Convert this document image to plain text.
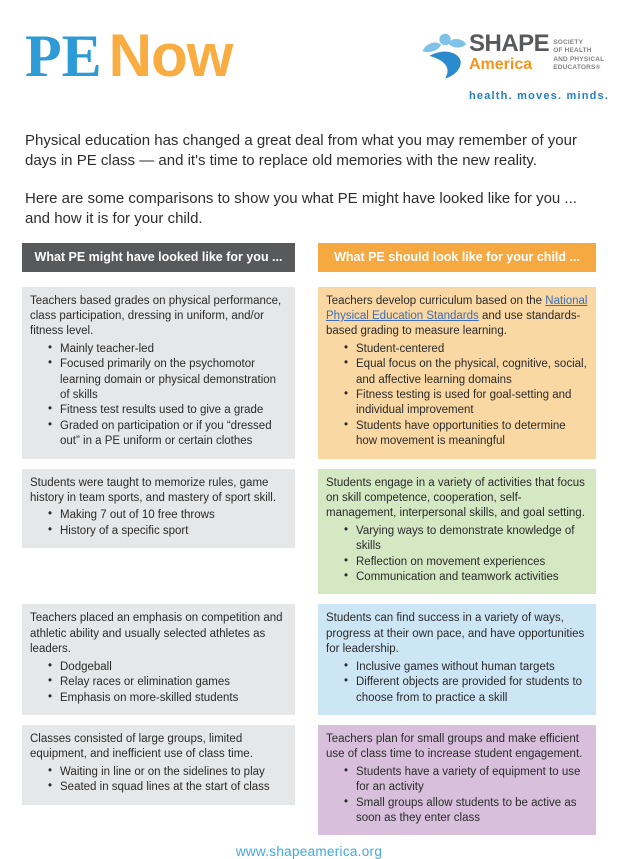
PE Now	SHAPE
America
SOCIETY
OF HEALTH
AND PHYSICAL
EDUCATORS®
health. moves. minds.

Physical education has changed a great deal from what you may remember of your days in PE class — and it's time to replace old memories with the new reality.

Here are some comparisons to show you what PE might have looked like for you ... and how it is for your child.

What PE might have looked like for you ...	What PE should look like for your child ...

Teachers based grades on physical performance, class participation, dressing in uniform, and/or fitness level.

• Mainly teacher-led
• Focused primarily on the psychomotor learning domain or physical demonstration of skills
• Fitness test results used to give a grade
• Graded on participation or if you “dressed out” in a PE uniform or certain clothes

Teachers develop curriculum based on the National Physical Education Standards and use standards-based grading to measure learning.

• Student-centered
• Equal focus on the physical, cognitive, social, and affective learning domains
• Fitness testing is used for goal-setting and individual improvement
• Students have opportunities to determine how movement is meaningful

Students were taught to memorize rules, game history in team sports, and mastery of sport skill.

• Making 7 out of 10 free throws
• History of a specific sport

Students engage in a variety of activities that focus on skill competence, cooperation, self-management, interpersonal skills, and goal setting.

• Varying ways to demonstrate knowledge of skills
• Reflection on movement experiences
• Communication and teamwork activities

Teachers placed an emphasis on competition and athletic ability and usually selected athletes as leaders.

• Dodgeball
• Relay races or elimination games
• Emphasis on more-skilled students

Students can find success in a variety of ways, progress at their own pace, and have opportunities for leadership.

• Inclusive games without human targets
• Different objects are provided for students to choose from to practice a skill

Classes consisted of large groups, limited equipment, and inefficient use of class time.

• Waiting in line or on the sidelines to play
• Seated in squad lines at the start of class

Teachers plan for small groups and make efficient use of class time to increase student engagement.

• Students have a variety of equipment to use for an activity
• Small groups allow students to be active as soon as they enter class
www.shapeamerica.org
